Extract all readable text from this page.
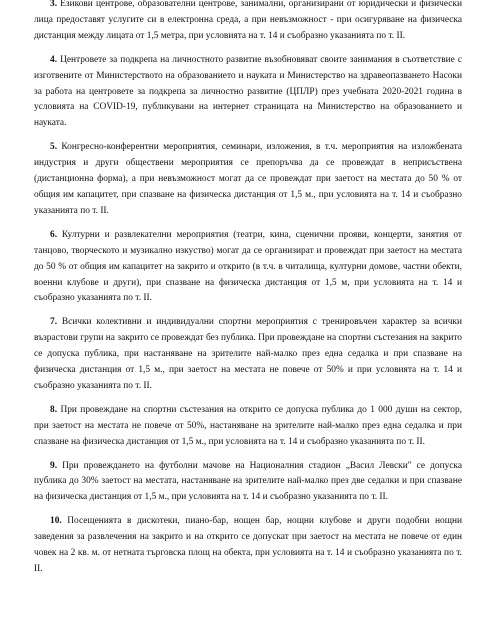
3. Езикови центрове, образователни центрове, занимални, организирани от юридически и физически лица предоставят услугите си в електронна среда, а при невъзможност - при осигуряване на физическа дистанция между лицата от 1,5 метра, при условията на т. 14 и съобразно указанията по т. II.

4. Центровете за подкрепа на личностното развитие възобновяват своите занимания в съответствие с изготвените от Министерството на образованието и науката и Министерство на здравеопазването Насоки за работа на центровете за подкрепа за личностно развитие (ЦПЛР) през учебната 2020-2021 година в условията на COVID-19, публикувани на интернет страницата на Министерство на образованието и науката.

5. Конгресно-конферентни мероприятия, семинари, изложения, в т.ч. мероприятия на изложбената индустрия и други обществени мероприятия се препоръчва да се провеждат в неприсъствена (дистанционна форма), а при невъзможност могат да се провеждат при заетост на местата до 50 % от общия им капацитет, при спазване на физическа дистанция от 1,5 м., при условията на т. 14 и съобразно указанията по т. II.

6. Културни и развлекателни мероприятия (театри, кина, сценични прояви, концерти, занятия от танцово, творческото и музикално изкуство) могат да се организират и провеждат при заетост на местата до 50 % от общия им капацитет на закрито и открито (в т.ч. в читалища, културни домове, частни обекти, военни клубове и други), при спазване на физическа дистанция от 1,5 м, при условията на т. 14 и съобразно указанията по т. II.

7. Всички колективни и индивидуални спортни мероприятия с тренировъчен характер за всички възрастови групи на закрито се провеждат без публика. При провеждане на спортни състезания на закрито се допуска публика, при настаняване на зрителите най-малко през една седалка и при спазване на физическа дистанция от 1,5 м., при заетост на местата не повече от 50% и при условията на т. 14 и съобразно указанията по т. II.

8. При провеждане на спортни състезания на открито се допуска публика до 1 000 души на сектор, при заетост на местата не повече от 50%, настаняване на зрителите най-малко през една седалка и при спазване на физическа дистанция от 1,5 м., при условията на т. 14 и съобразно указанията по т. II.

9. При провеждането на футболни мачове на Националния стадион „Васил Левски" се допуска публика до 30% заетост на местата, настаняване на зрителите най-малко през две седалки и при спазване на физическа дистанция от 1,5 м., при условията на т. 14 и съобразно указанията по т. II.

10. Посещенията в дискотеки, пиано-бар, нощен бар, нощни клубове и други подобни нощни заведения за развлечения на закрито и на открито се допускат при заетост на местата не повече от един човек на 2 кв. м. от нетната търговска площ на обекта, при условията на т. 14 и съобразно указанията по т. II.
